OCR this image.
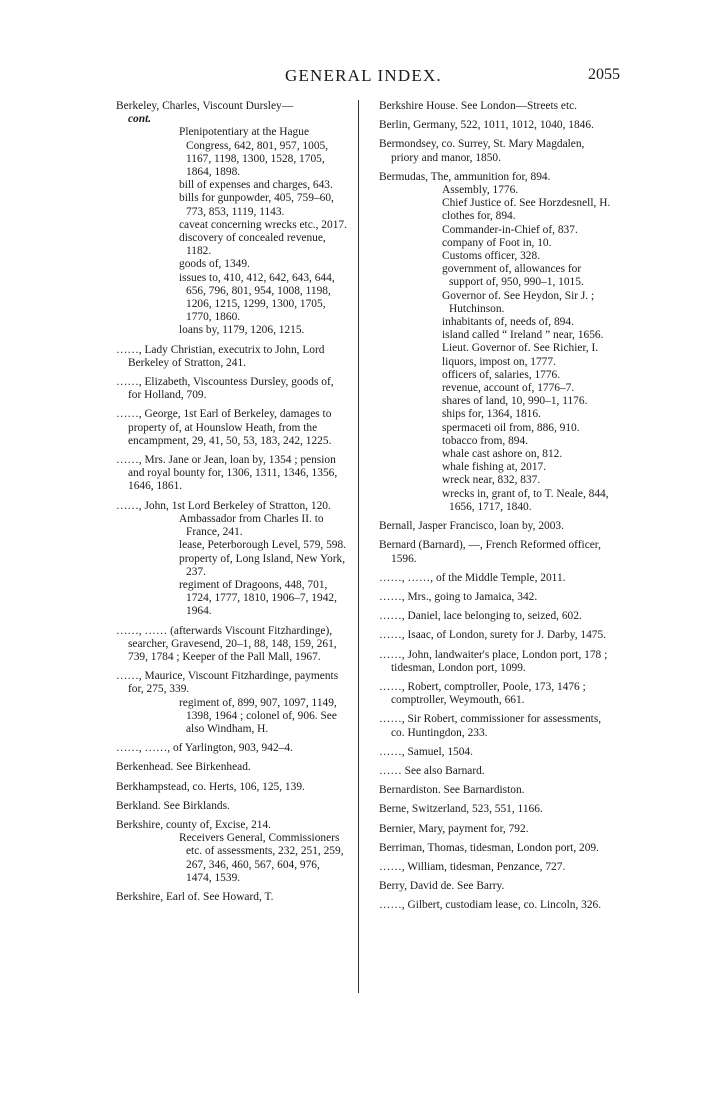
GENERAL INDEX.	2055
Berkeley, Charles, Viscount Dursley—
cont.
Plenipotentiary at the Hague Congress, 642, 801, 957, 1005, 1167, 1198, 1300, 1528, 1705, 1864, 1898.
bill of expenses and charges, 643.
bills for gunpowder, 405, 759–60, 773, 853, 1119, 1143.
caveat concerning wrecks etc., 2017.
discovery of concealed revenue, 1182.
goods of, 1349.
issues to, 410, 412, 642, 643, 644, 656, 796, 801, 954, 1008, 1198, 1206, 1215, 1299, 1300, 1705, 1770, 1860.
loans by, 1179, 1206, 1215.
……, Lady Christian, executrix to John, Lord Berkeley of Stratton, 241.
……, Elizabeth, Viscountess Dursley, goods of, for Holland, 709.
……, George, 1st Earl of Berkeley, damages to property of, at Hounslow Heath, from the encampment, 29, 41, 50, 53, 183, 242, 1225.
……, Mrs. Jane or Jean, loan by, 1354 ; pension and royal bounty for, 1306, 1311, 1346, 1356, 1646, 1861.
……, John, 1st Lord Berkeley of Stratton, 120.
Ambassador from Charles II. to France, 241.
lease, Peterborough Level, 579, 598.
property of, Long Island, New York, 237.
regiment of Dragoons, 448, 701, 1724, 1777, 1810, 1906–7, 1942, 1964.
……, …… (afterwards Viscount Fitzhardinge), searcher, Gravesend, 20–1, 88, 148, 159, 261, 739, 1784 ; Keeper of the Pall Mall, 1967.
……, Maurice, Viscount Fitzhardinge, payments for, 275, 339.
regiment of, 899, 907, 1097, 1149, 1398, 1964 ; colonel of, 906. See also Windham, H.
……, ……, of Yarlington, 903, 942–4.
Berkenhead. See Birkenhead.
Berkhampstead, co. Herts, 106, 125, 139.
Berkland. See Birklands.
Berkshire, county of, Excise, 214.
Receivers General, Commissioners etc. of assessments, 232, 251, 259, 267, 346, 460, 567, 604, 976, 1474, 1539.
Berkshire, Earl of. See Howard, T.
Berkshire House. See London—Streets etc.
Berlin, Germany, 522, 1011, 1012, 1040, 1846.
Bermondsey, co. Surrey, St. Mary Magdalen, priory and manor, 1850.
Bermudas, The, ammunition for, 894.
Assembly, 1776.
Chief Justice of. See Horzdesnell, H.
clothes for, 894.
Commander-in-Chief of, 837.
company of Foot in, 10.
Customs officer, 328.
government of, allowances for support of, 950, 990–1, 1015.
Governor of. See Heydon, Sir J. ; Hutchinson.
inhabitants of, needs of, 894.
island called “ Ireland ” near, 1656.
Lieut. Governor of. See Richier, I.
liquors, impost on, 1777.
officers of, salaries, 1776.
revenue, account of, 1776–7.
shares of land, 10, 990–1, 1176.
ships for, 1364, 1816.
spermaceti oil from, 886, 910.
tobacco from, 894.
whale cast ashore on, 812.
whale fishing at, 2017.
wreck near, 832, 837.
wrecks in, grant of, to T. Neale, 844, 1656, 1717, 1840.
Bernall, Jasper Francisco, loan by, 2003.
Bernard (Barnard), —, French Reformed officer, 1596.
……, ……, of the Middle Temple, 2011.
……, Mrs., going to Jamaica, 342.
……, Daniel, lace belonging to, seized, 602.
……, Isaac, of London, surety for J. Darby, 1475.
……, John, landwaiter's place, London port, 178 ; tidesman, London port, 1099.
……, Robert, comptroller, Poole, 173, 1476 ; comptroller, Weymouth, 661.
……, Sir Robert, commissioner for assessments, co. Huntingdon, 233.
……, Samuel, 1504.
…… See also Barnard.
Bernardiston. See Barnardiston.
Berne, Switzerland, 523, 551, 1166.
Bernier, Mary, payment for, 792.
Berriman, Thomas, tidesman, London port, 209.
……, William, tidesman, Penzance, 727.
Berry, David de. See Barry.
……, Gilbert, custodiam lease, co. Lincoln, 326.
